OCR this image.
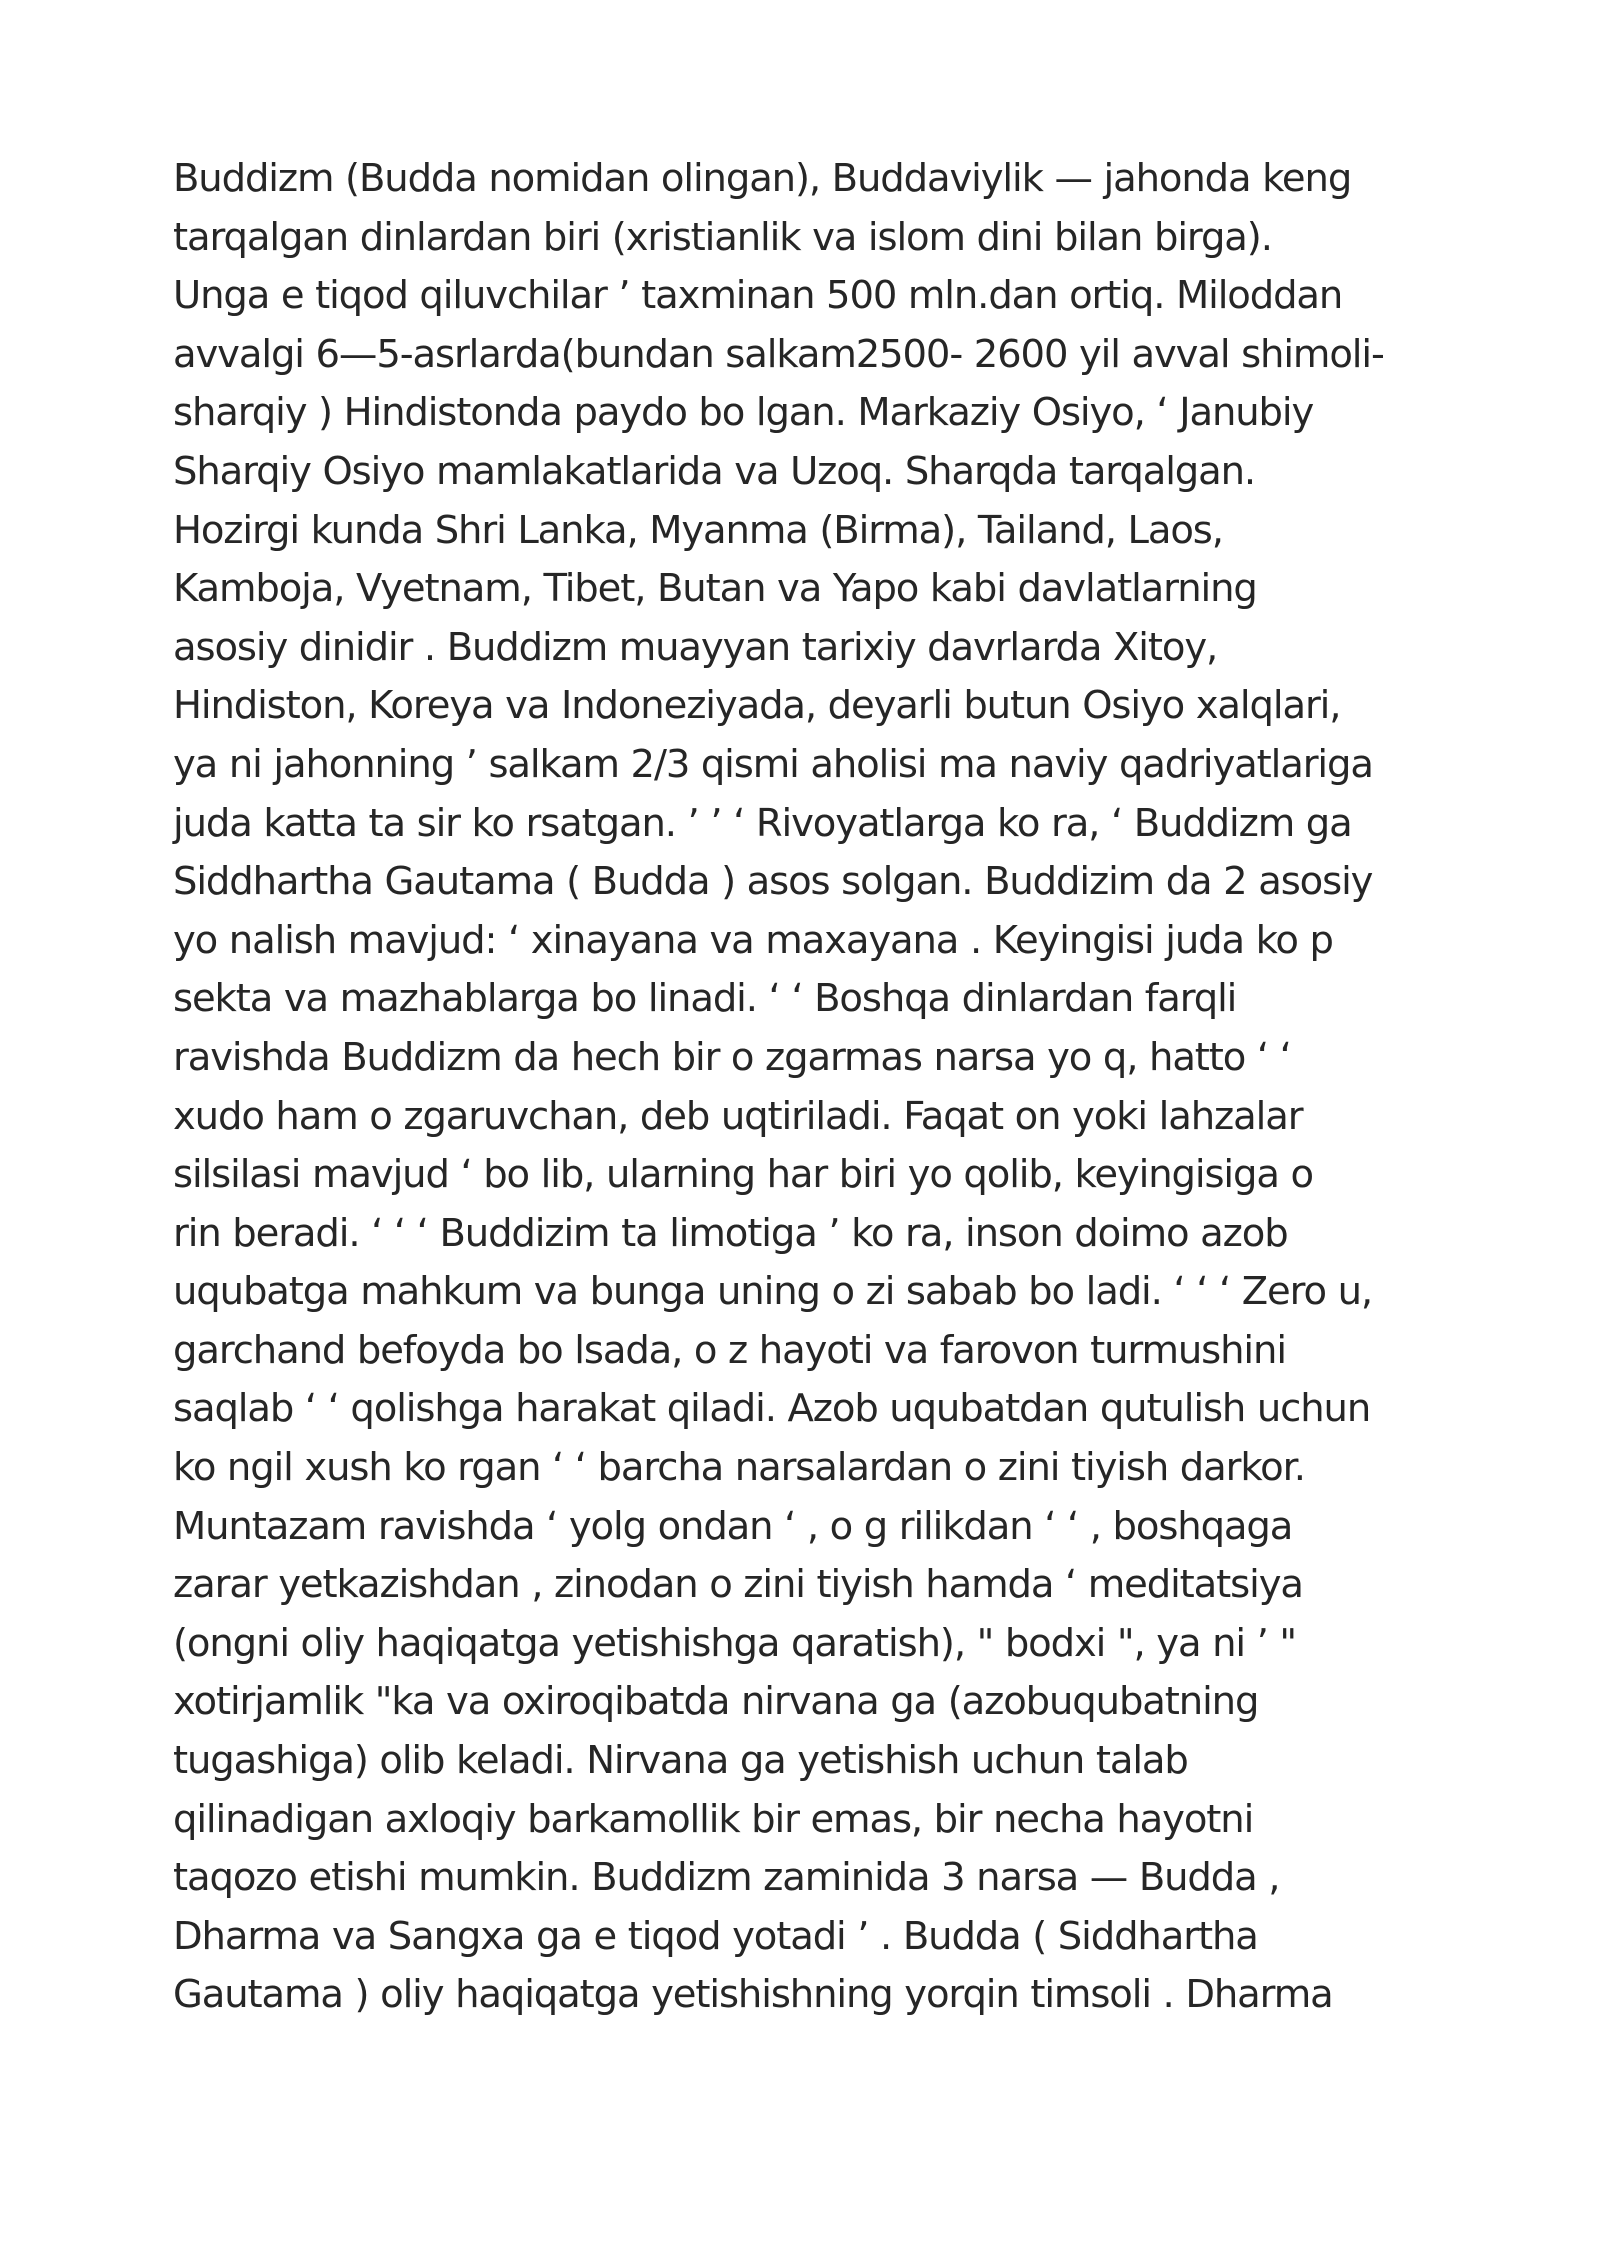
Buddizm (Budda nomidan olingan), Buddaviylik — jahonda keng
tarqalgan dinlardan biri (xristianlik va islom dini bilan birga).
Unga e tiqod qiluvchilar ’ taxminan 500 mln.dan ortiq. Miloddan
avvalgi 6—5-asrlarda(bundan salkam2500- 2600 yil avval shimoli-
sharqiy ) Hindistonda paydo bo lgan. Markaziy Osiyo, ‘ Janubiy
Sharqiy Osiyo mamlakatlarida va Uzoq. Sharqda tarqalgan.
Hozirgi kunda Shri Lanka, Myanma (Birma), Tailand, Laos,
Kamboja, Vyetnam, Tibet, Butan va Yapo kabi davlatlarning
asosiy dinidir . Buddizm muayyan tarixiy davrlarda Xitoy,
Hindiston, Koreya va Indoneziyada, deyarli butun Osiyo xalqlari,
ya ni jahonning ’ salkam 2/3 qismi aholisi ma naviy qadriyatlariga
juda katta ta sir ko rsatgan. ’ ’ ‘ Rivoyatlarga ko ra, ‘ Buddizm ga
Siddhartha Gautama ( Budda ) asos solgan. Buddizim da 2 asosiy
yo nalish mavjud: ‘ xinayana va maxayana . Keyingisi juda ko p
sekta va mazhablarga bo linadi. ‘ ‘ Boshqa dinlardan farqli
ravishda Buddizm da hech bir o zgarmas narsa yo q, hatto ‘ ‘
xudo ham o zgaruvchan, deb uqtiriladi. Faqat on yoki lahzalar
silsilasi mavjud ‘ bo lib, ularning har biri yo qolib, keyingisiga o
rin beradi. ‘ ‘ ‘ Buddizim ta limotiga ’ ko ra, inson doimo azob
uqubatga mahkum va bunga uning o zi sabab bo ladi. ‘ ‘ ‘ Zero u,
garchand befoyda bo lsada, o z hayoti va farovon turmushini
saqlab ‘ ‘ qolishga harakat qiladi. Azob uqubatdan qutulish uchun
ko ngil xush ko rgan ‘ ‘ barcha narsalardan o zini tiyish darkor.
Muntazam ravishda ‘ yolg ondan ‘ , o g rilikdan ‘ ‘ , boshqaga
zarar yetkazishdan , zinodan o zini tiyish hamda ‘ meditatsiya
(ongni oliy haqiqatga yetishishga qaratish), " bodxi ", ya ni ’ "
xotirjamlik "ka va oxiroqibatda nirvana ga (azobuqubatning
tugashiga) olib keladi. Nirvana ga yetishish uchun talab
qilinadigan axloqiy barkamollik bir emas, bir necha hayotni
taqozo etishi mumkin. Buddizm zaminida 3 narsa — Budda ,
Dharma va Sangxa ga e tiqod yotadi ’ . Budda ( Siddhartha
Gautama ) oliy haqiqatga yetishishning yorqin timsoli . Dharma
